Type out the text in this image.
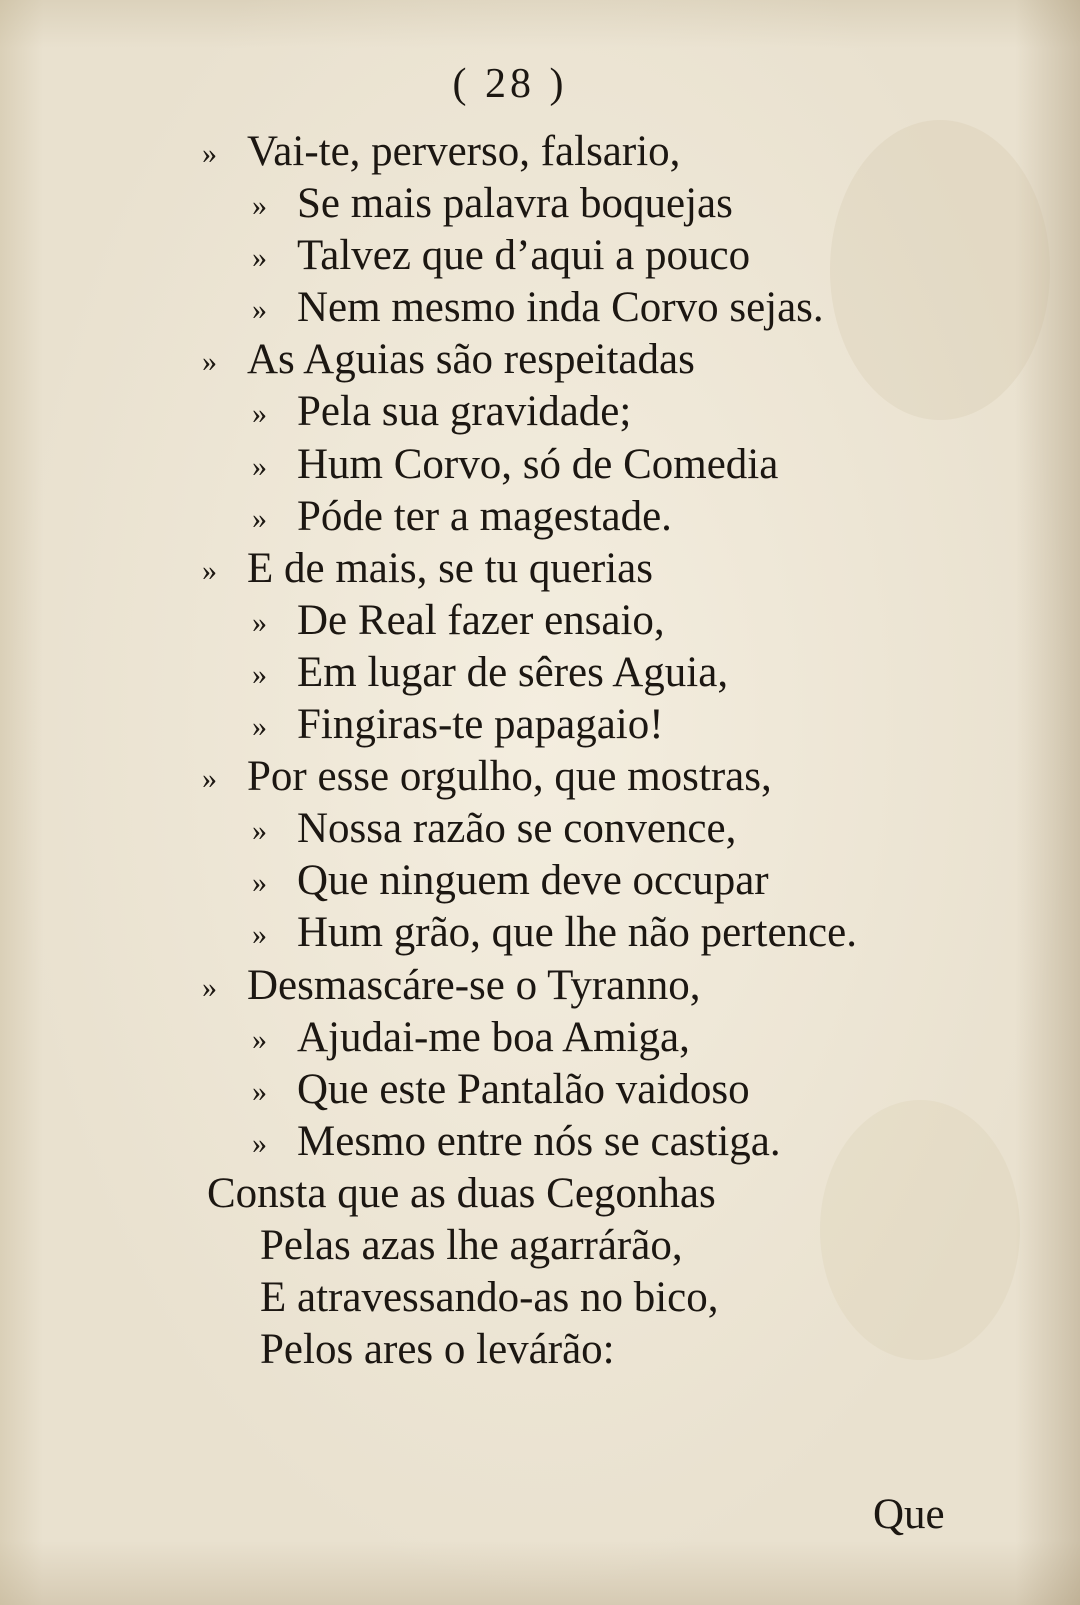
( 28 )
» Vai-te, perverso, falsario,
» Se mais palavra boquejas
» Talvez que d’aqui a pouco
» Nem mesmo inda Corvo sejas.
» As Aguias são respeitadas
» Pela sua gravidade;
» Hum Corvo, só de Comedia
» Póde ter a magestade.
» E de mais, se tu querias
» De Real fazer ensaio,
» Em lugar de sêres Aguia,
» Fingiras-te papagaio!
» Por esse orgulho, que mostras,
» Nossa razão se convence,
» Que ninguem deve occupar
» Hum grão, que lhe não pertence.
» Desmascáre-se o Tyranno,
» Ajudai-me boa Amiga,
» Que este Pantalão vaidoso
» Mesmo entre nós se castiga.
Consta que as duas Cegonhas
Pelas azas lhe agarrárão,
E atravessando-as no bico,
Pelos ares o levárão:
Que
